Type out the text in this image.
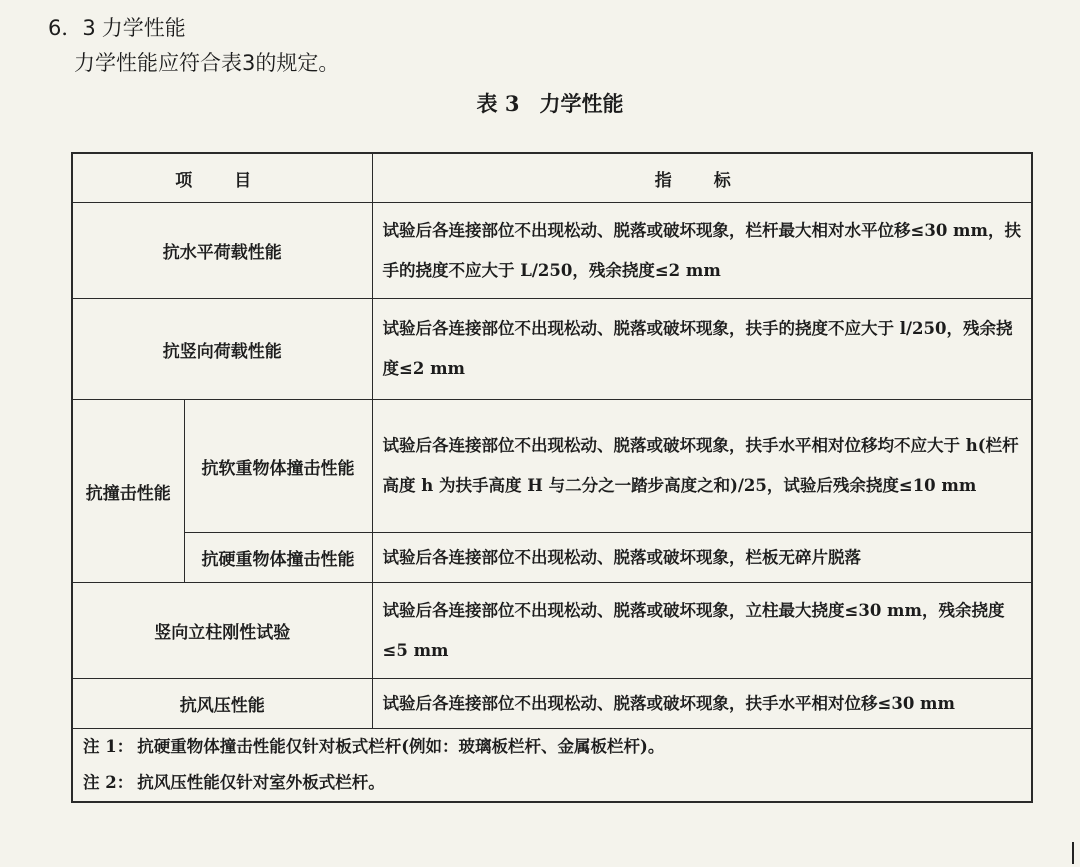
6．3 力学性能
力学性能应符合表3的规定。
表 3 力学性能
项 目		指 标
抗水平荷载性能		试验后各连接部位不出现松动、脱落或破坏现象，栏杆最大相对水平位移≤30 mm，扶手的挠度不应大于 L/250，残余挠度≤2 mm
抗竖向荷载性能		试验后各连接部位不出现松动、脱落或破坏现象，扶手的挠度不应大于 l/250，残余挠度≤2 mm
抗撞击性能	抗软重物体撞击性能	试验后各连接部位不出现松动、脱落或破坏现象，扶手水平相对位移均不应大于 h(栏杆高度 h 为扶手高度 H 与二分之一踏步高度之和)/25，试验后残余挠度≤10 mm
	抗硬重物体撞击性能	试验后各连接部位不出现松动、脱落或破坏现象，栏板无碎片脱落
竖向立柱刚性试验		试验后各连接部位不出现松动、脱落或破坏现象，立柱最大挠度≤30 mm，残余挠度≤5 mm
抗风压性能		试验后各连接部位不出现松动、脱落或破坏现象，扶手水平相对位移≤30 mm

注 1： 抗硬重物体撞击性能仅针对板式栏杆(例如：玻璃板栏杆、金属板栏杆)。
注 2： 抗风压性能仅针对室外板式栏杆。		
